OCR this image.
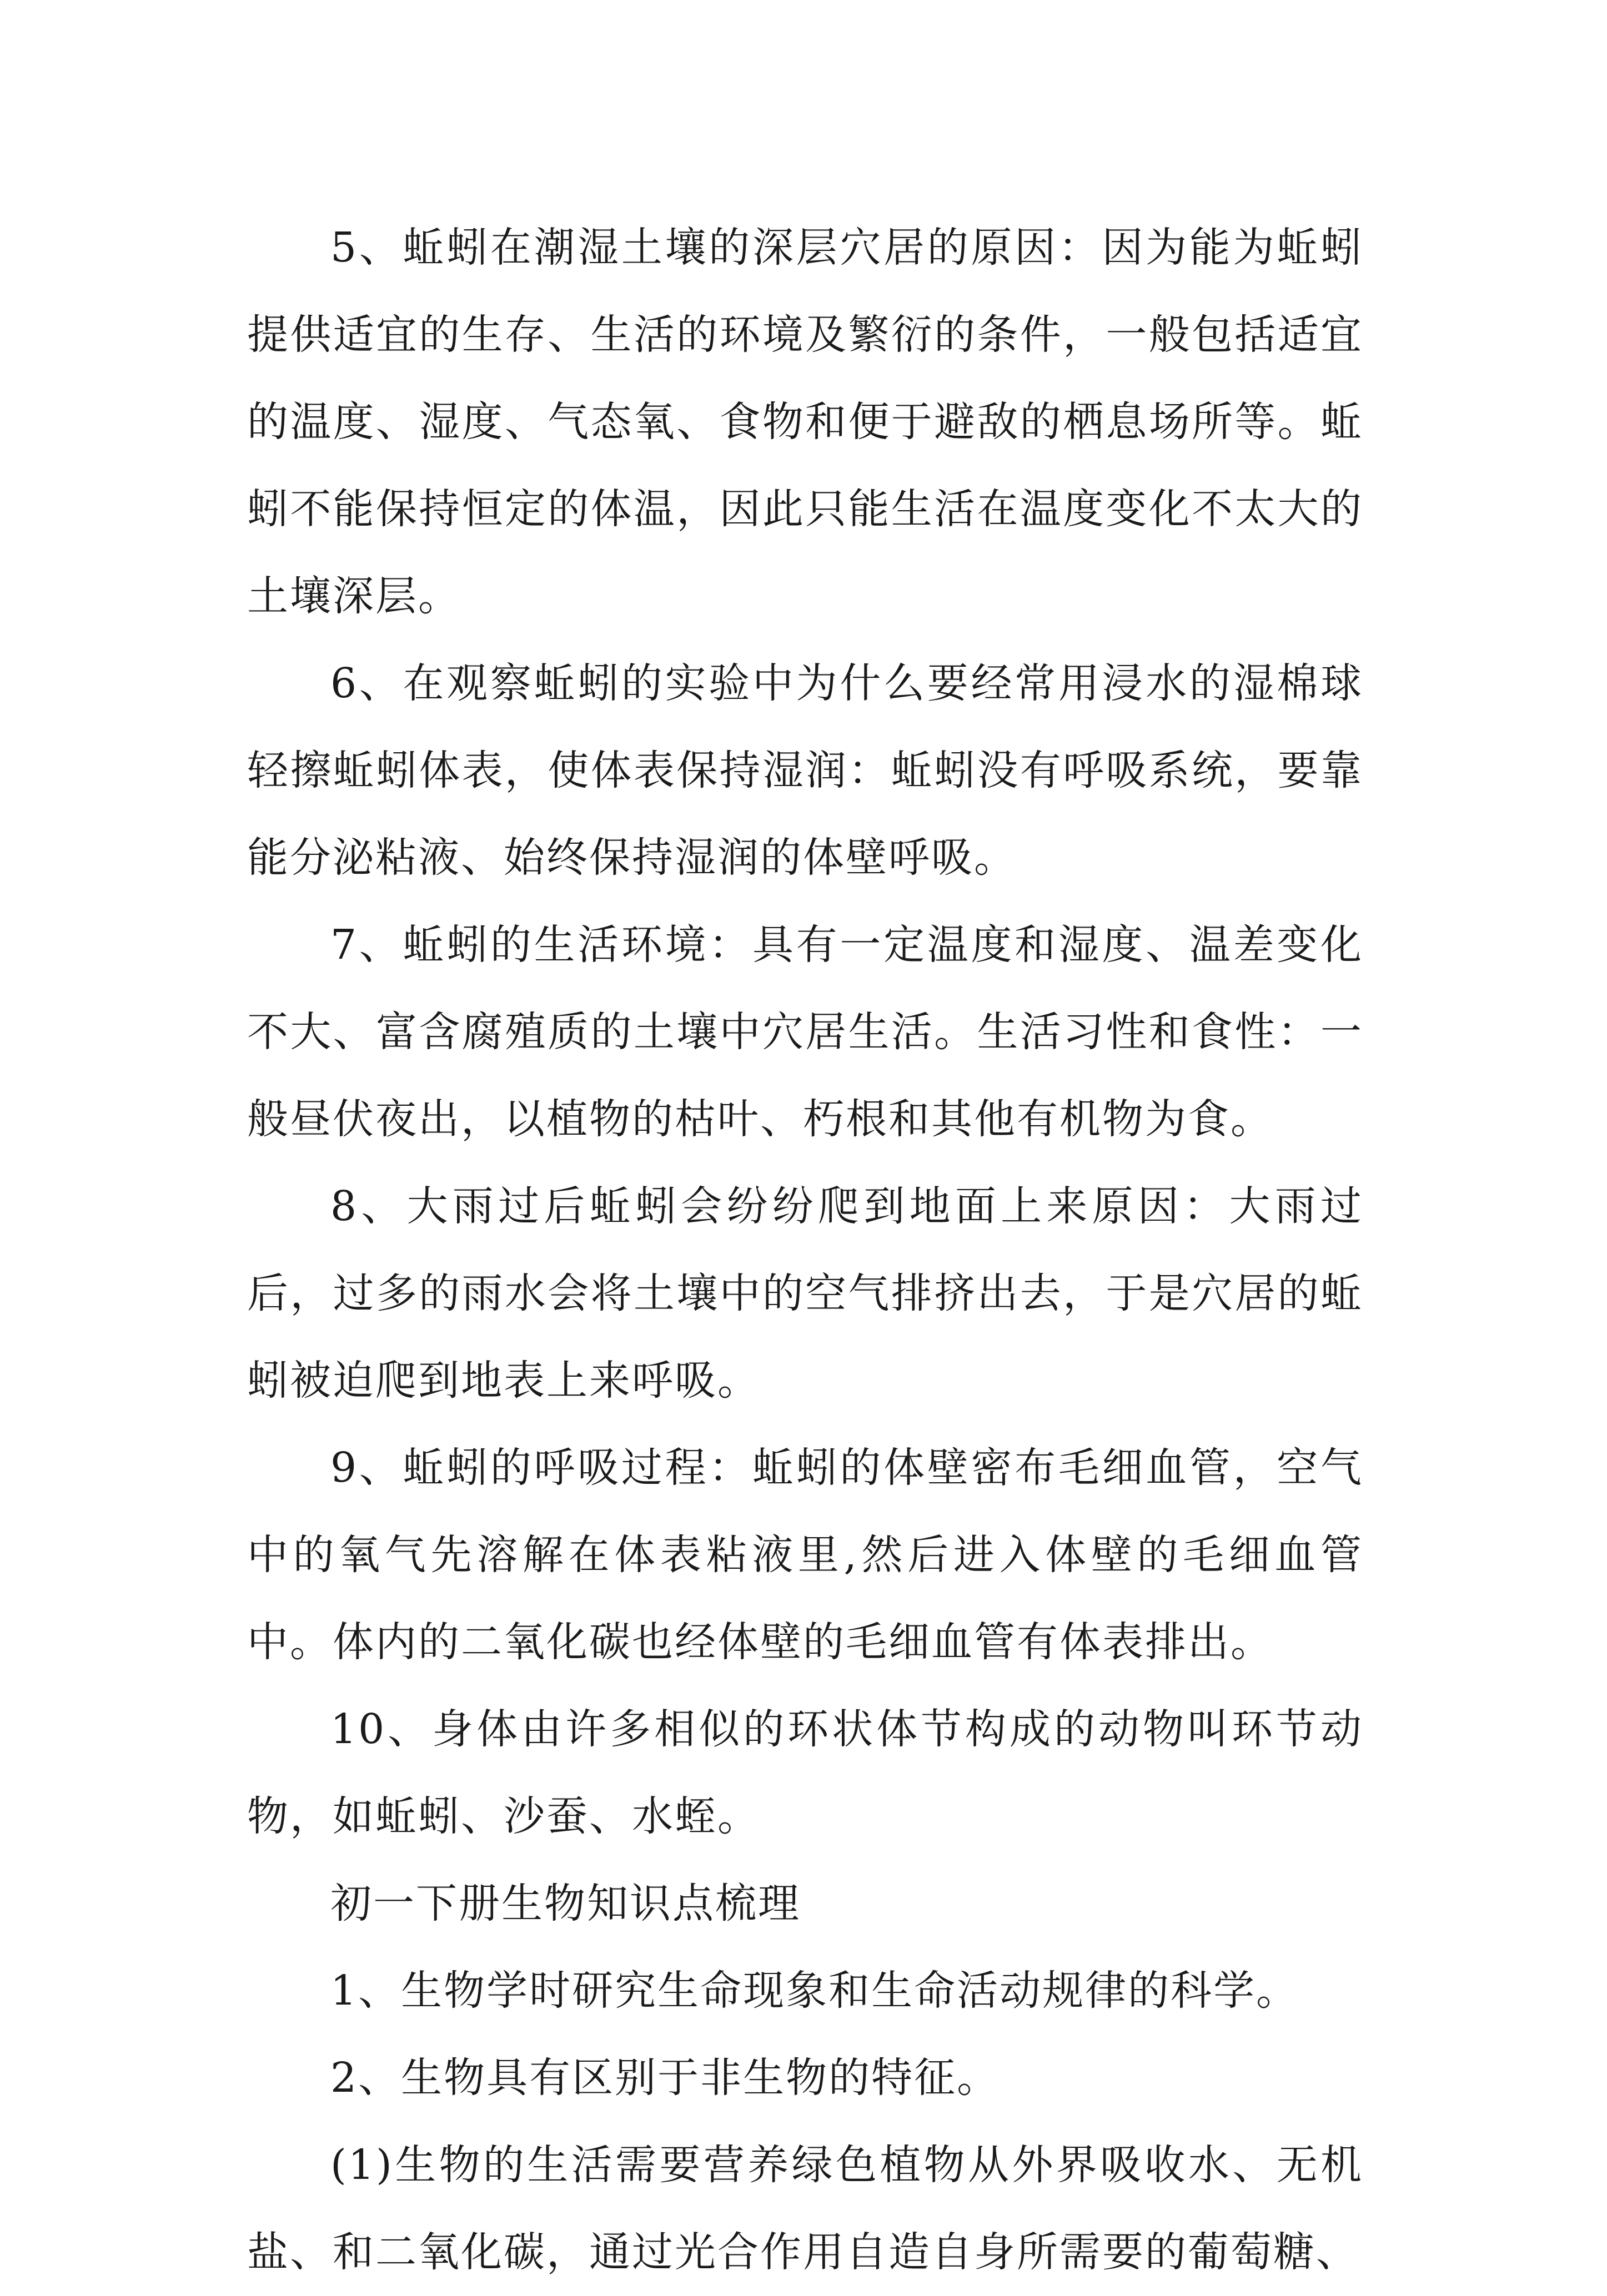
5、蚯蚓在潮湿土壤的深层穴居的原因：因为能为蚯蚓提供适宜的生存、生活的环境及繁衍的条件，一般包括适宜的温度、湿度、气态氧、食物和便于避敌的栖息场所等。蚯蚓不能保持恒定的体温，因此只能生活在温度变化不太大的土壤深层。

6、在观察蚯蚓的实验中为什么要经常用浸水的湿棉球轻擦蚯蚓体表，使体表保持湿润：蚯蚓没有呼吸系统，要靠能分泌粘液、始终保持湿润的体壁呼吸。

7、蚯蚓的生活环境：具有一定温度和湿度、温差变化不大、富含腐殖质的土壤中穴居生活。生活习性和食性：一般昼伏夜出，以植物的枯叶、朽根和其他有机物为食。

8、大雨过后蚯蚓会纷纷爬到地面上来原因：大雨过后，过多的雨水会将土壤中的空气排挤出去，于是穴居的蚯蚓被迫爬到地表上来呼吸。

9、蚯蚓的呼吸过程：蚯蚓的体壁密布毛细血管，空气中的氧气先溶解在体表粘液里,然后进入体壁的毛细血管中。体内的二氧化碳也经体壁的毛细血管有体表排出。

10、身体由许多相似的环状体节构成的动物叫环节动物，如蚯蚓、沙蚕、水蛭。

初一下册生物知识点梳理

1、生物学时研究生命现象和生命活动规律的科学。

2、生物具有区别于非生物的特征。

(1)生物的生活需要营养绿色植物从外界吸收水、无机盐、和二氧化碳，通过光合作用自造自身所需要的葡萄糖、
